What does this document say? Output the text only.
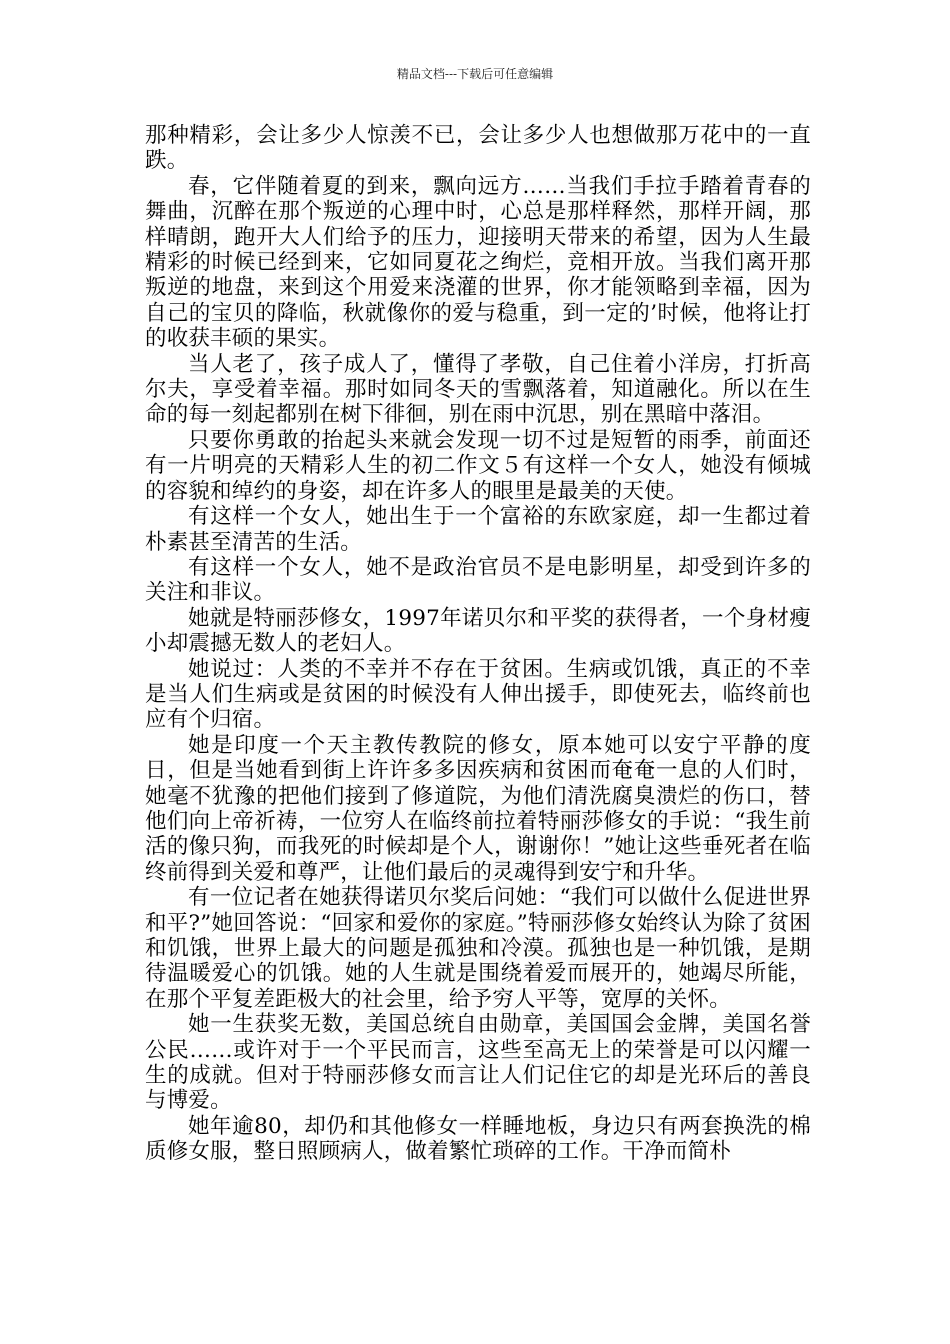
精品文档---下载后可任意编辑

那种精彩，会让多少人惊羡不已，会让多少人也想做那万花中的一直跌。

春，它伴随着夏的到来，飘向远方……当我们手拉手踏着青春的舞曲，沉醉在那个叛逆的心理中时，心总是那样释然，那样开阔，那样晴朗，跑开大人们给予的压力，迎接明天带来的希望，因为人生最精彩的时候已经到来，它如同夏花之绚烂，竞相开放。当我们离开那叛逆的地盘，来到这个用爱来浇灌的世界，你才能领略到幸福，因为自己的宝贝的降临，秋就像你的爱与稳重，到一定的’时候，他将让打的收获丰硕的果实。

当人老了，孩子成人了，懂得了孝敬，自己住着小洋房，打折高尔夫，享受着幸福。那时如同冬天的雪飘落着，知道融化。所以在生命的每一刻起都别在树下徘徊，别在雨中沉思，别在黑暗中落泪。

只要你勇敢的抬起头来就会发现一切不过是短暂的雨季，前面还有一片明亮的天精彩人生的初二作文５有这样一个女人，她没有倾城的容貌和绰约的身姿，却在许多人的眼里是最美的天使。

有这样一个女人，她出生于一个富裕的东欧家庭，却一生都过着朴素甚至清苦的生活。

有这样一个女人，她不是政治官员不是电影明星，却受到许多的关注和非议。

她就是特丽莎修女，1997年诺贝尔和平奖的获得者，一个身材瘦小却震撼无数人的老妇人。

她说过：人类的不幸并不存在于贫困。生病或饥饿，真正的不幸是当人们生病或是贫困的时候没有人伸出援手，即使死去，临终前也应有个归宿。

她是印度一个天主教传教院的修女，原本她可以安宁平静的度日，但是当她看到街上许许多多因疾病和贫困而奄奄一息的人们时，她毫不犹豫的把他们接到了修道院，为他们清洗腐臭溃烂的伤口，替他们向上帝祈祷，一位穷人在临终前拉着特丽莎修女的手说：“我生前活的像只狗，而我死的时候却是个人，谢谢你！”她让这些垂死者在临终前得到关爱和尊严，让他们最后的灵魂得到安宁和升华。

有一位记者在她获得诺贝尔奖后问她：“我们可以做什么促进世界和平?”她回答说：“回家和爱你的家庭。”特丽莎修女始终认为除了贫困和饥饿，世界上最大的问题是孤独和冷漠。孤独也是一种饥饿，是期待温暖爱心的饥饿。她的人生就是围绕着爱而展开的，她竭尽所能，在那个平复差距极大的社会里，给予穷人平等，宽厚的关怀。

她一生获奖无数，美国总统自由勋章，美国国会金牌，美国名誉公民……或许对于一个平民而言，这些至高无上的荣誉是可以闪耀一生的成就。但对于特丽莎修女而言让人们记住它的却是光环后的善良与博爱。

她年逾80，却仍和其他修女一样睡地板，身边只有两套换洗的棉质修女服，整日照顾病人，做着繁忙琐碎的工作。干净而简朴
